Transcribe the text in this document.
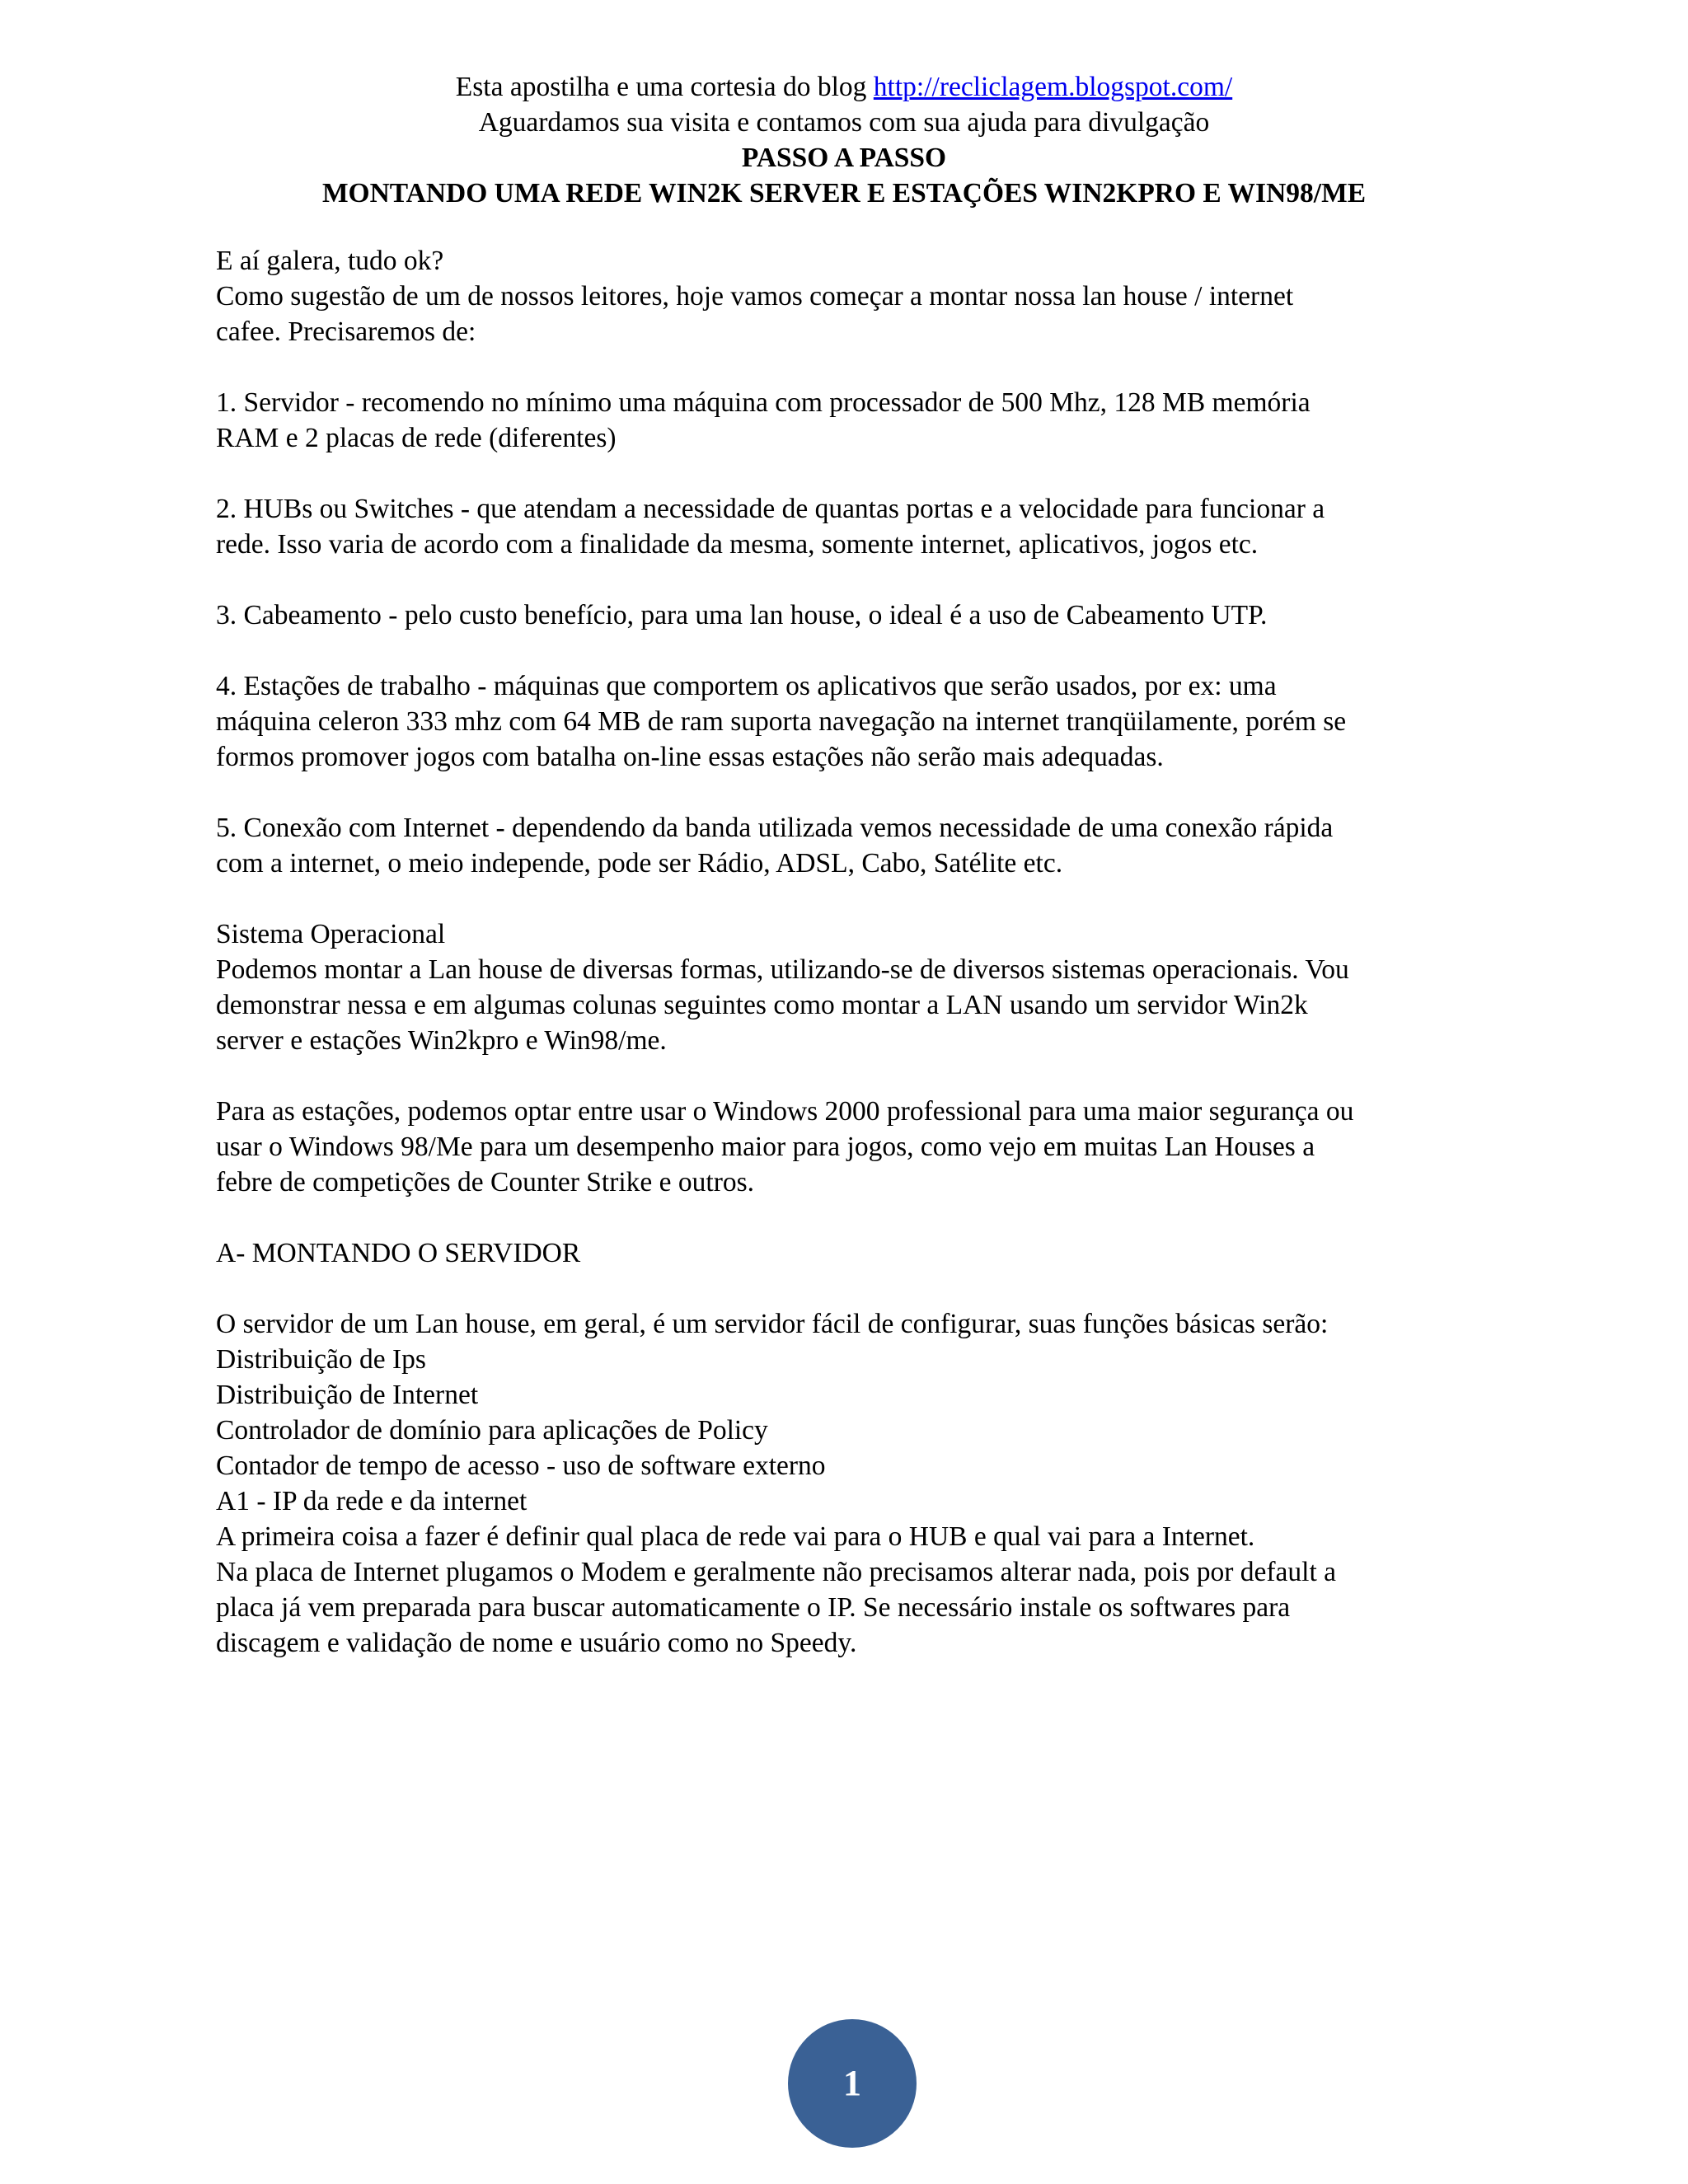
Esta apostilha e uma cortesia do blog http://recliclagem.blogspot.com/
Aguardamos sua visita e contamos com sua ajuda para divulgação
PASSO A PASSO
MONTANDO UMA REDE WIN2K SERVER E ESTAÇÕES WIN2KPRO E WIN98/ME

E aí galera, tudo ok?
Como sugestão de um de nossos leitores, hoje vamos começar a montar nossa lan house / internet
cafee. Precisaremos de:

1. Servidor - recomendo no mínimo uma máquina com processador de 500 Mhz, 128 MB memória
RAM e 2 placas de rede (diferentes)

2. HUBs ou Switches - que atendam a necessidade de quantas portas e a velocidade para funcionar a
rede. Isso varia de acordo com a finalidade da mesma, somente internet, aplicativos, jogos etc.

3. Cabeamento - pelo custo benefício, para uma lan house, o ideal é a uso de Cabeamento UTP.

4. Estações de trabalho - máquinas que comportem os aplicativos que serão usados, por ex: uma
máquina celeron 333 mhz com 64 MB de ram suporta navegação na internet tranqüilamente, porém se
formos promover jogos com batalha on-line essas estações não serão mais adequadas.

5. Conexão com Internet - dependendo da banda utilizada vemos necessidade de uma conexão rápida
com a internet, o meio independe, pode ser Rádio, ADSL, Cabo, Satélite etc.

Sistema Operacional
Podemos montar a Lan house de diversas formas, utilizando-se de diversos sistemas operacionais. Vou
demonstrar nessa e em algumas colunas seguintes como montar a LAN usando um servidor Win2k
server e estações Win2kpro e Win98/me.

Para as estações, podemos optar entre usar o Windows 2000 professional para uma maior segurança ou
usar o Windows 98/Me para um desempenho maior para jogos, como vejo em muitas Lan Houses a
febre de competições de Counter Strike e outros.

A- MONTANDO O SERVIDOR

O servidor de um Lan house, em geral, é um servidor fácil de configurar, suas funções básicas serão:
Distribuição de Ips
Distribuição de Internet
Controlador de domínio para aplicações de Policy
Contador de tempo de acesso - uso de software externo
A1 - IP da rede e da internet
A primeira coisa a fazer é definir qual placa de rede vai para o HUB e qual vai para a Internet.
Na placa de Internet plugamos o Modem e geralmente não precisamos alterar nada, pois por default a
placa já vem preparada para buscar automaticamente o IP. Se necessário instale os softwares para
discagem e validação de nome e usuário como no Speedy.

1
